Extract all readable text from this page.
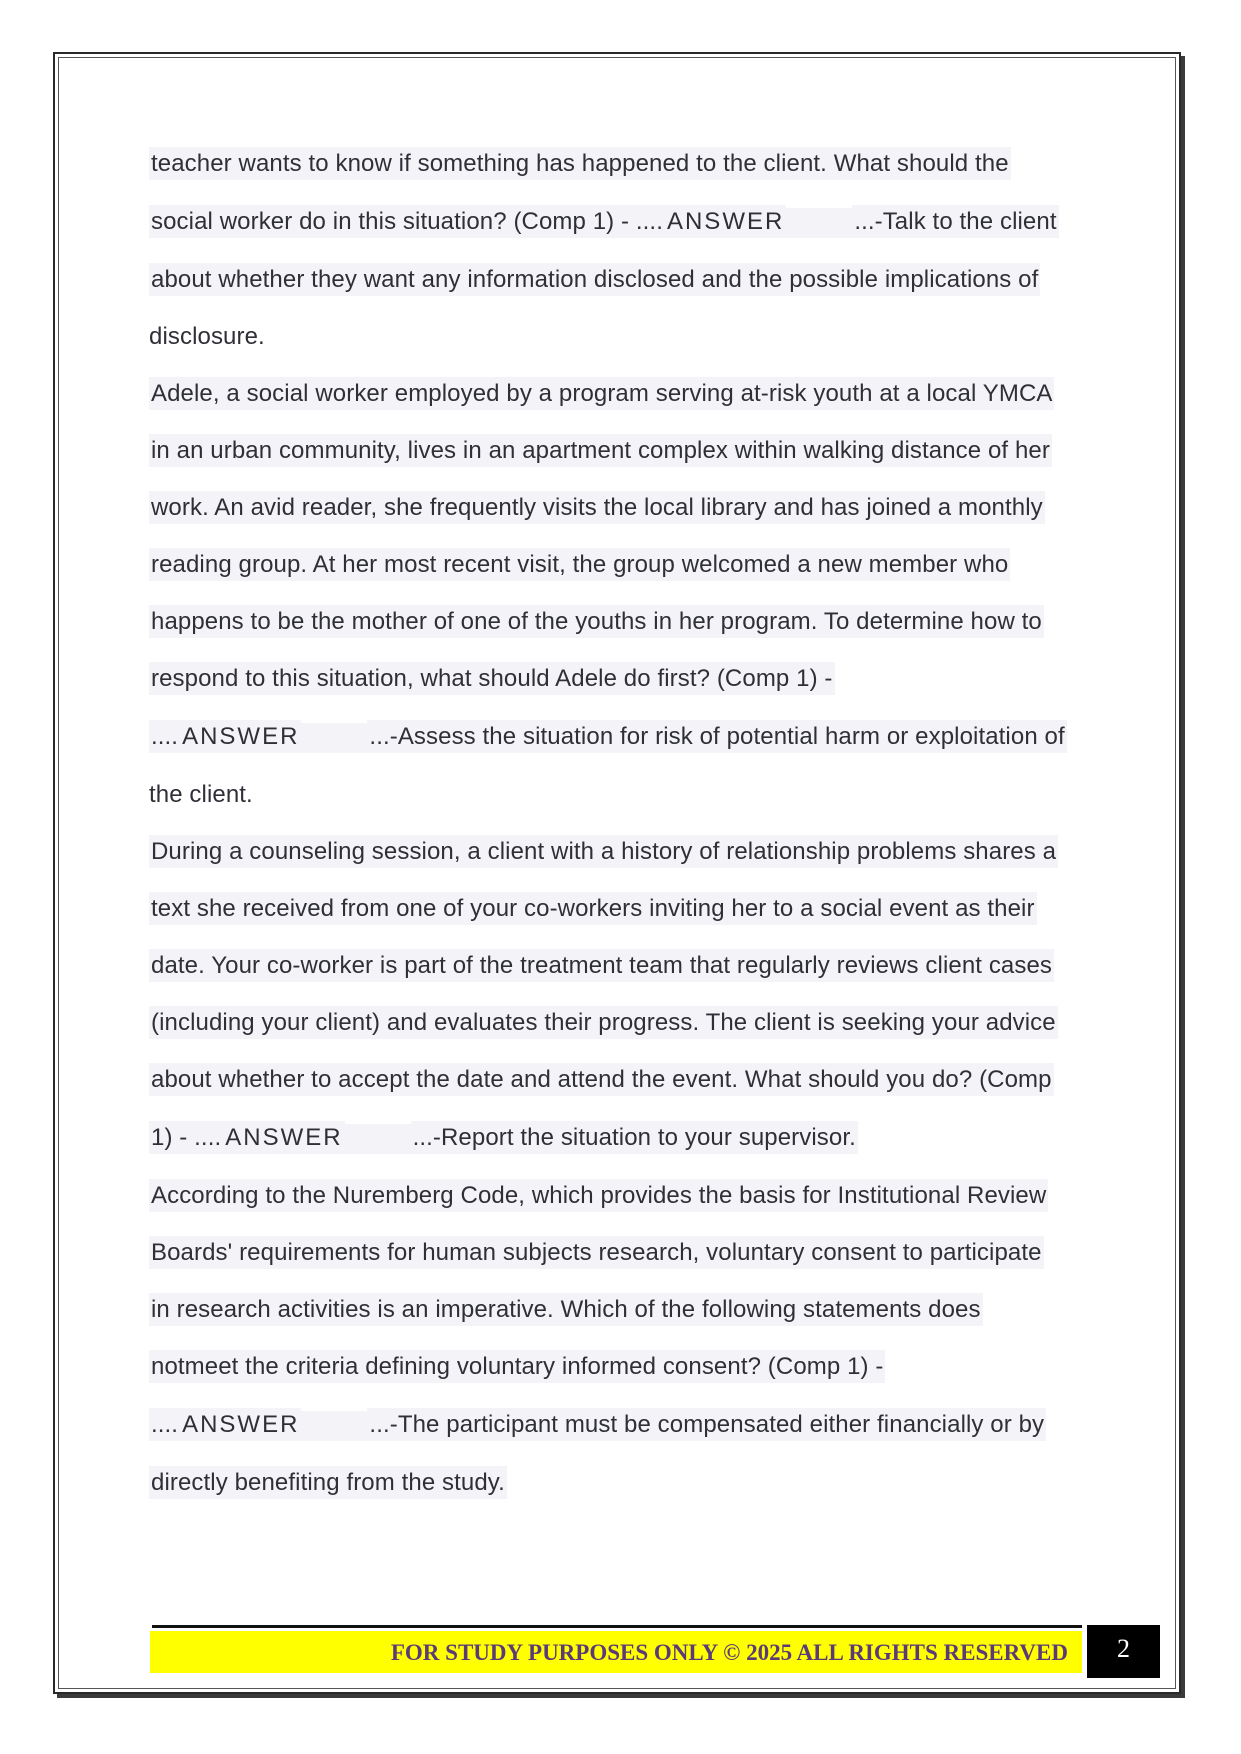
teacher wants to know if something has happened to the client. What should the
social worker do in this situation? (Comp 1) - .... ANSWER	...-Talk to the client
about whether they want any information disclosed and the possible implications of
disclosure.
Adele, a social worker employed by a program serving at-risk youth at a local YMCA
in an urban community, lives in an apartment complex within walking distance of her
work. An avid reader, she frequently visits the local library and has joined a monthly
reading group. At her most recent visit, the group welcomed a new member who
happens to be the mother of one of the youths in her program. To determine how to
respond to this situation, what should Adele do first? (Comp 1) -
.... ANSWER	...-Assess the situation for risk of potential harm or exploitation of
the client.
During a counseling session, a client with a history of relationship problems shares a
text she received from one of your co-workers inviting her to a social event as their
date. Your co-worker is part of the treatment team that regularly reviews client cases
(including your client) and evaluates their progress. The client is seeking your advice
about whether to accept the date and attend the event. What should you do? (Comp
1) - .... ANSWER	...-Report the situation to your supervisor.
According to the Nuremberg Code, which provides the basis for Institutional Review
Boards' requirements for human subjects research, voluntary consent to participate
in research activities is an imperative. Which of the following statements does
notmeet the criteria defining voluntary informed consent? (Comp 1) -
.... ANSWER	...-The participant must be compensated either financially or by
directly benefiting from the study.
FOR STUDY PURPOSES ONLY © 2025 ALL RIGHTS RESERVED	2
